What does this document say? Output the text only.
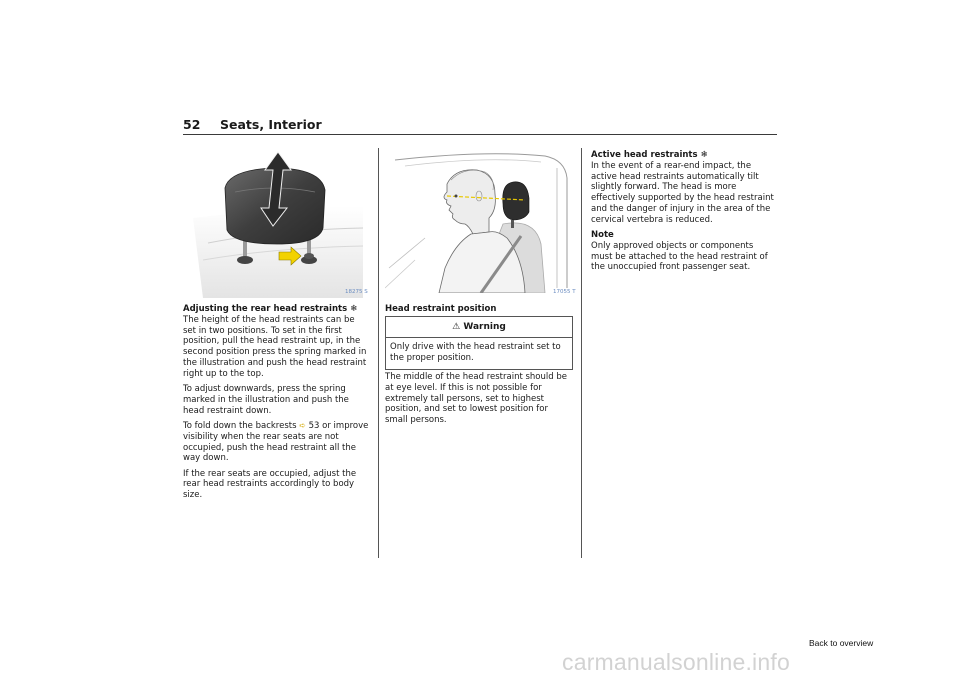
52 Seats, Interior
18275 S	17055 T
Adjusting the rear head restraints ❄

The height of the head restraints can be set in two positions. To set in the first position, pull the head restraint up, in the second position press the spring marked in the illustration and push the head restraint right up to the top.

To adjust downwards, press the spring marked in the illustration and push the head restraint down.

To fold down the backrests ➪ 53 or improve visibility when the rear seats are not occupied, push the head restraint all the way down.

If the rear seats are occupied, adjust the rear head restraints accordingly to body size.

Head restraint position
⚠ Warning
Only drive with the head restraint set to the proper position.

The middle of the head restraint should be at eye level. If this is not possible for extremely tall persons, set to highest position, and set to lowest position for small persons.

Active head restraints ❄

In the event of a rear-end impact, the active head restraints automatically tilt slightly forward. The head is more effectively supported by the head restraint and the danger of injury in the area of the cervical vertebra is reduced.

Note

Only approved objects or components must be attached to the head restraint of the unoccupied front passenger seat.

Back to overview
carmanualsonline.info
